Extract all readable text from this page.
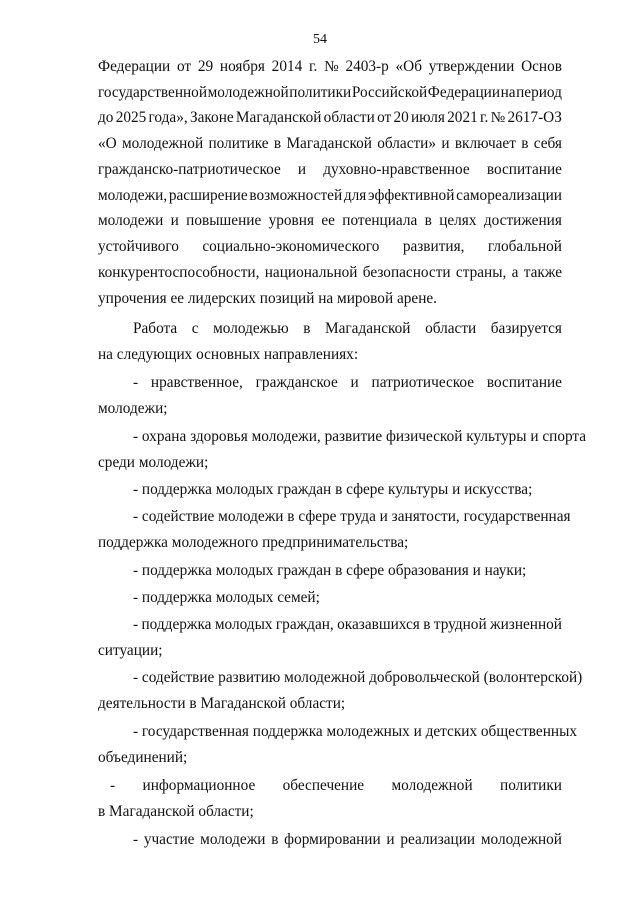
54
Федерации от 29 ноября 2014 г. № 2403-р «Об утверждении Основ
государственной молодежной политики Российской Федерации на период
до 2025 года», Законе Магаданской области от 20 июля 2021 г. № 2617-ОЗ
«О молодежной политике в Магаданской области» и включает в себя
гражданско-патриотическое и духовно-нравственное воспитание
молодежи, расширение возможностей для эффективной самореализации
молодежи и повышение уровня ее потенциала в целях достижения
устойчивого социально-экономического развития, глобальной
конкурентоспособности, национальной безопасности страны, а также
упрочения ее лидерских позиций на мировой арене.
Работа с молодежью в Магаданской области базируется
на следующих основных направлениях:
- нравственное, гражданское и патриотическое воспитание
молодежи;
- охрана здоровья молодежи, развитие физической культуры и спорта
среди молодежи;
- поддержка молодых граждан в сфере культуры и искусства;
- содействие молодежи в сфере труда и занятости, государственная
поддержка молодежного предпринимательства;
- поддержка молодых граждан в сфере образования и науки;
- поддержка молодых семей;
- поддержка молодых граждан, оказавшихся в трудной жизненной
ситуации;
- содействие развитию молодежной добровольческой (волонтерской)
деятельности в Магаданской области;
- государственная поддержка молодежных и детских общественных
объединений;
- информационное обеспечение молодежной политики
в Магаданской области;
- участие молодежи в формировании и реализации молодежной
